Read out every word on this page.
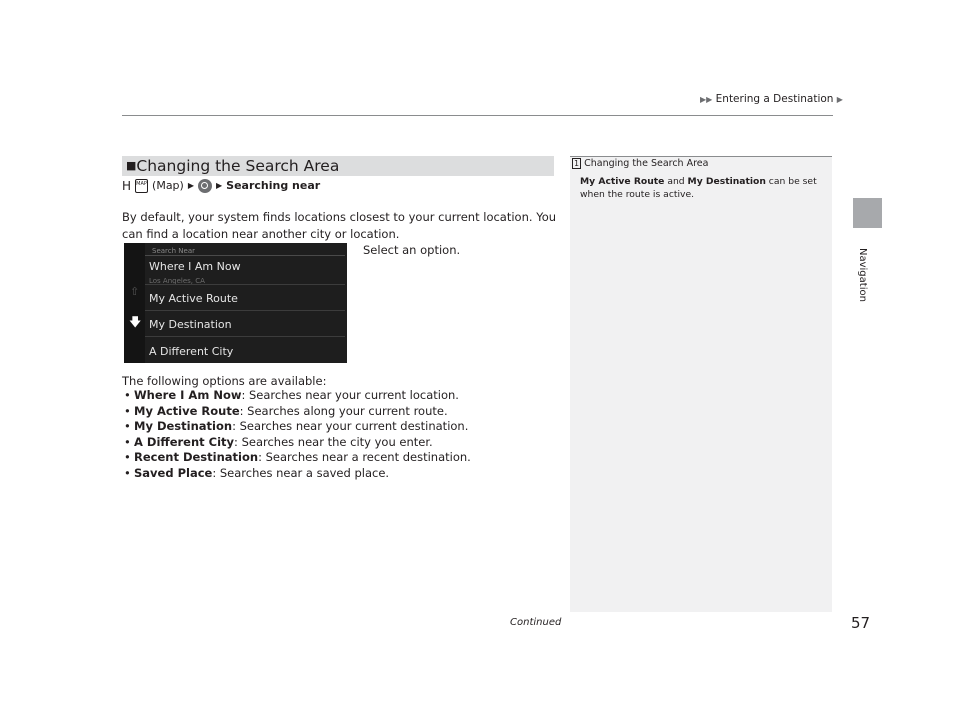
▶▶ Entering a Destination ▶
Navigation
■Changing the Search Area
H MAP (Map) ▶	▶ Searching near

By default, your system finds locations closest to your current location. You can find a location near another city or location.

⇧
🡇
Search Near
Where I Am Now
Los Angeles, CA
My Active Route
My Destination
A Different City

Select an option.

The following options are available:

• Where I Am Now: Searches near your current location.
• My Active Route: Searches along your current route.
• My Destination: Searches near your current destination.
• A Different City: Searches near the city you enter.
• Recent Destination: Searches near a recent destination.
• Saved Place: Searches near a saved place.
1 Changing the Search Area

My Active Route and My Destination can be set when the route is active.

Continued	57
